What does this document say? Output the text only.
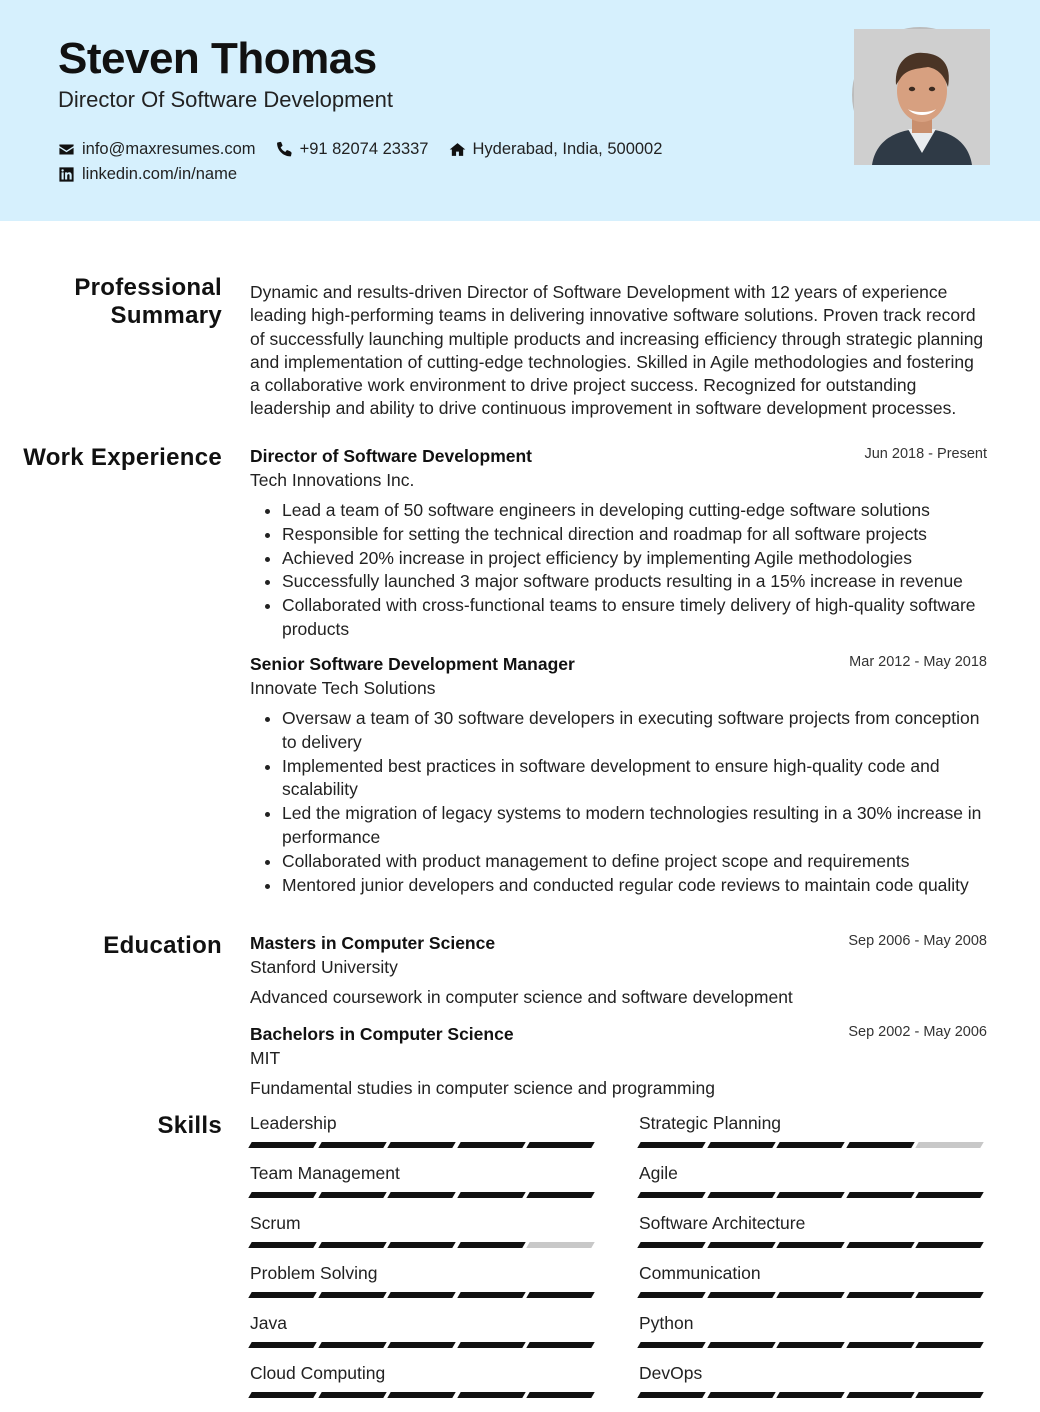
Steven Thomas
Director Of Software Development
info@maxresumes.com	+91 82074 23337	Hyderabad, India, 500002
linkedin.com/in/name
Professional Summary

Dynamic and results-driven Director of Software Development with 12 years of experience leading high-performing teams in delivering innovative software solutions. Proven track record of successfully launching multiple products and increasing efficiency through strategic planning and implementation of cutting-edge technologies. Skilled in Agile methodologies and fostering a collaborative work environment to drive project success. Recognized for outstanding leadership and ability to drive continuous improvement in software development processes.

Work Experience Director of Software Development	Jun 2018 - Present
Tech Innovations Inc.
• Lead a team of 50 software engineers in developing cutting-edge software solutions
• Responsible for setting the technical direction and roadmap for all software projects
• Achieved 20% increase in project efficiency by implementing Agile methodologies
• Successfully launched 3 major software products resulting in a 15% increase in revenue
• Collaborated with cross-functional teams to ensure timely delivery of high-quality software products
Senior Software Development Manager	Mar 2012 - May 2018
Innovate Tech Solutions
• Oversaw a team of 30 software developers in executing software projects from conception to delivery
• Implemented best practices in software development to ensure high-quality code and scalability
• Led the migration of legacy systems to modern technologies resulting in a 30% increase in performance
• Collaborated with product management to define project scope and requirements
• Mentored junior developers and conducted regular code reviews to maintain code quality
Education Masters in Computer Science	Sep 2006 - May 2008
Stanford University
Advanced coursework in computer science and software development
Bachelors in Computer Science	Sep 2002 - May 2006
MIT
Fundamental studies in computer science and programming
Skills Leadership	Strategic Planning
Team Management	Agile
Scrum	Software Architecture
Problem Solving	Communication
Java	Python
Cloud Computing	DevOps
